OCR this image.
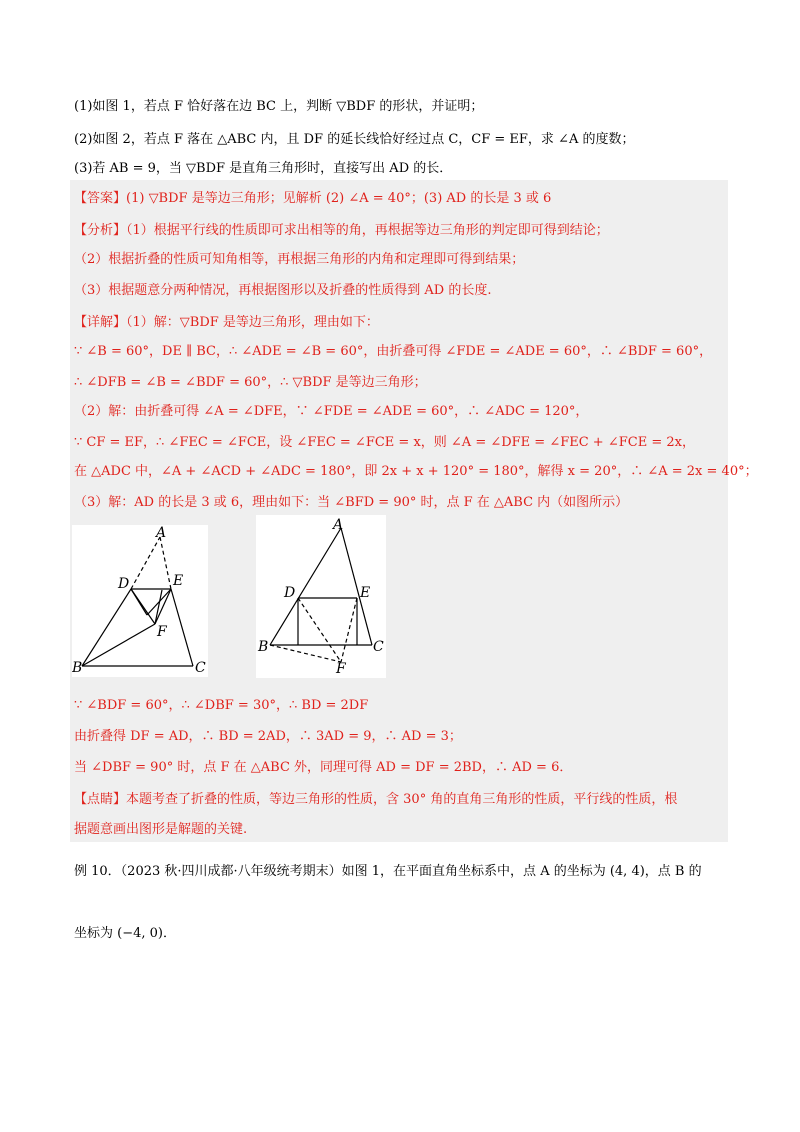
(1)如图 1，若点 F 恰好落在边 BC 上，判断 ▽BDF 的形状，并证明；
(2)如图 2，若点 F 落在 △ABC 内，且 DF 的延长线恰好经过点 C，CF = EF，求 ∠A 的度数；
(3)若 AB = 9，当 ▽BDF 是直角三角形时，直接写出 AD 的长．
【答案】(1) ▽BDF 是等边三角形；见解析 (2) ∠A = 40°；(3) AD 的长是 3 或 6
【分析】（1）根据平行线的性质即可求出相等的角，再根据等边三角形的判定即可得到结论；
（2）根据折叠的性质可知角相等，再根据三角形的内角和定理即可得到结果；
（3）根据题意分两种情况，再根据图形以及折叠的性质得到 AD 的长度.
【详解】（1）解：▽BDF 是等边三角形，理由如下：
∵ ∠B = 60°，DE ∥ BC，∴ ∠ADE = ∠B = 60°，由折叠可得 ∠FDE = ∠ADE = 60°，∴ ∠BDF = 60°，
∴ ∠DFB = ∠B = ∠BDF = 60°，∴ ▽BDF 是等边三角形；
（2）解：由折叠可得 ∠A = ∠DFE，∵ ∠FDE = ∠ADE = 60°，∴ ∠ADC = 120°，
∵ CF = EF，∴ ∠FEC = ∠FCE，设 ∠FEC = ∠FCE = x，则 ∠A = ∠DFE = ∠FEC + ∠FCE = 2x，
在 △ADC 中，∠A + ∠ACD + ∠ADC = 180°，即 2x + x + 120° = 180°，解得 x = 20°，∴ ∠A = 2x = 40°；
（3）解：AD 的长是 3 或 6，理由如下：当 ∠BFD = 90° 时，点 F 在 △ABC 内（如图所示）
A
D	E
F
B	C
A
D	E
F
B	C
∵ ∠BDF = 60°，∴ ∠DBF = 30°，∴ BD = 2DF
由折叠得 DF = AD，∴ BD = 2AD，∴ 3AD = 9，∴ AD = 3；
当 ∠DBF = 90° 时，点 F 在 △ABC 外，同理可得 AD = DF = 2BD，∴ AD = 6．
【点睛】本题考查了折叠的性质，等边三角形的性质，含 30° 角的直角三角形的性质，平行线的性质，根
据题意画出图形是解题的关键.
例 10．（2023 秋·四川成都·八年级统考期末）如图 1，在平面直角坐标系中，点 A 的坐标为 (4, 4)，点 B 的
坐标为 (−4, 0)．
